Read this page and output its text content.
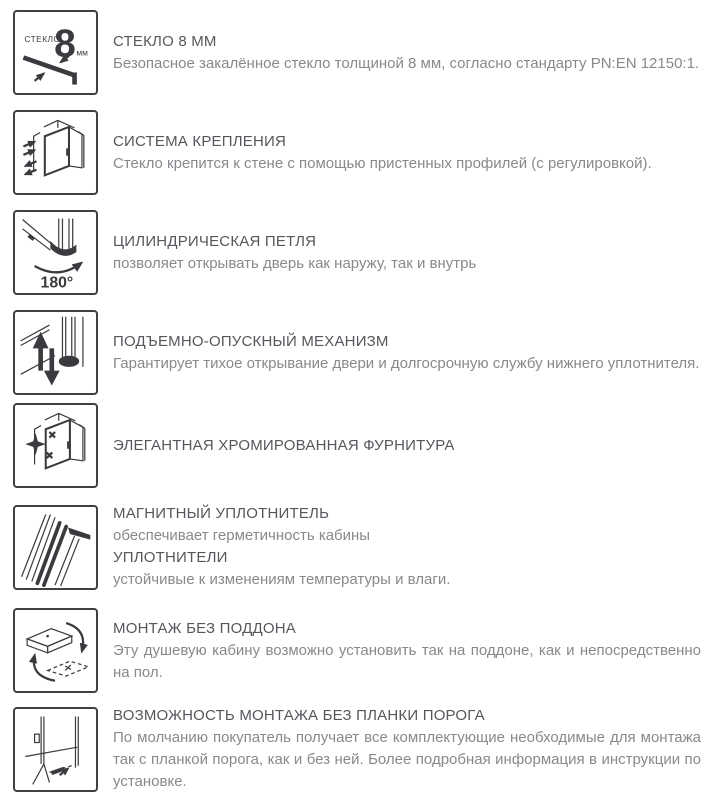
СТЕКЛО
8 мм

СТЕКЛО 8 ММ

Безопасное закалённое стекло толщиной 8 мм, согласно стандарту PN:EN 12150:1.

СИСТЕМА КРЕПЛЕНИЯ

Стекло крепится к стене с помощью пристенных профилей (с регулировкой).

180°

ЦИЛИНДРИЧЕСКАЯ ПЕТЛЯ

позволяет открывать дверь как наружу, так и внутрь

ПОДЪЕМНО-ОПУСКНЫЙ МЕХАНИЗМ

Гарантирует тихое открывание двери и долгосрочную службу нижнего уплотнителя.

ЭЛЕГАНТНАЯ ХРОМИРОВАННАЯ ФУРНИТУРА

МАГНИТНЫЙ УПЛОТНИТЕЛЬ

обеспечивает герметичность кабины

УПЛОТНИТЕЛИ

устойчивые к изменениям температуры и влаги.

МОНТАЖ БЕЗ ПОДДОНА

Эту душевую кабину возможно установить так на поддоне, как и непосредственно на пол.

ВОЗМОЖНОСТЬ МОНТАЖА БЕЗ ПЛАНКИ ПОРОГА

По молчанию покупатель получает все комплектующие необходимые для монтажа так с планкой порога, как и без ней. Более подробная информация в инструкции по установке.
